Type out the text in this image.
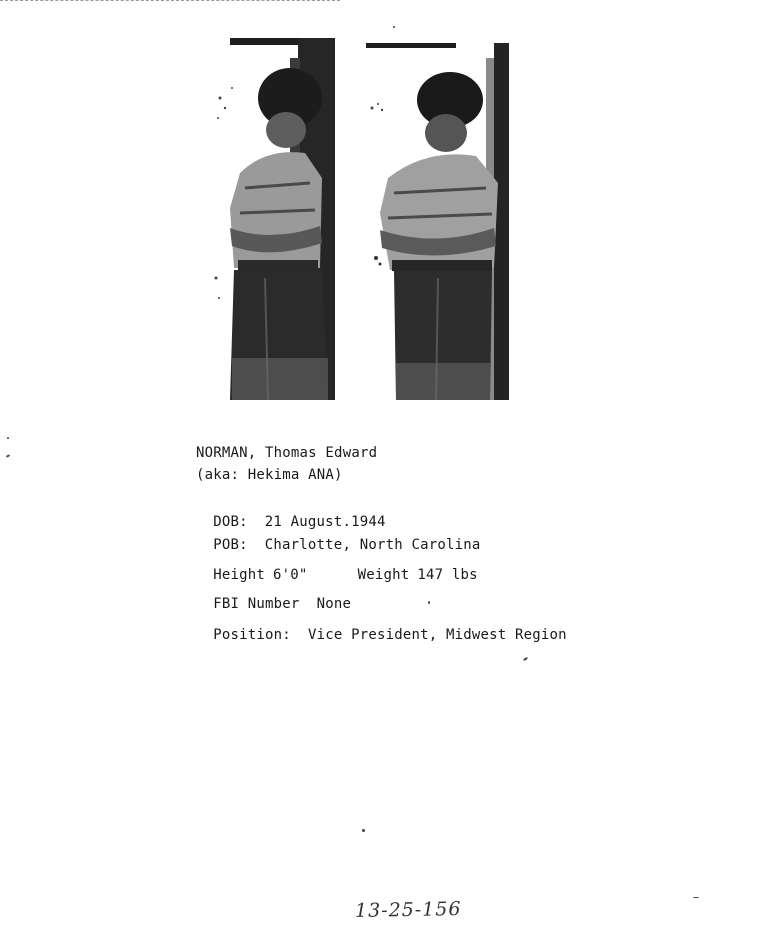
NORMAN, Thomas Edward
(aka: Hekima ANA)

DOB: 21 August.1944

POB: Charlotte, North Carolina

Height 6'0"	Weight 147 lbs

FBI Number None

Position: Vice President, Midwest Region

13-25-156
